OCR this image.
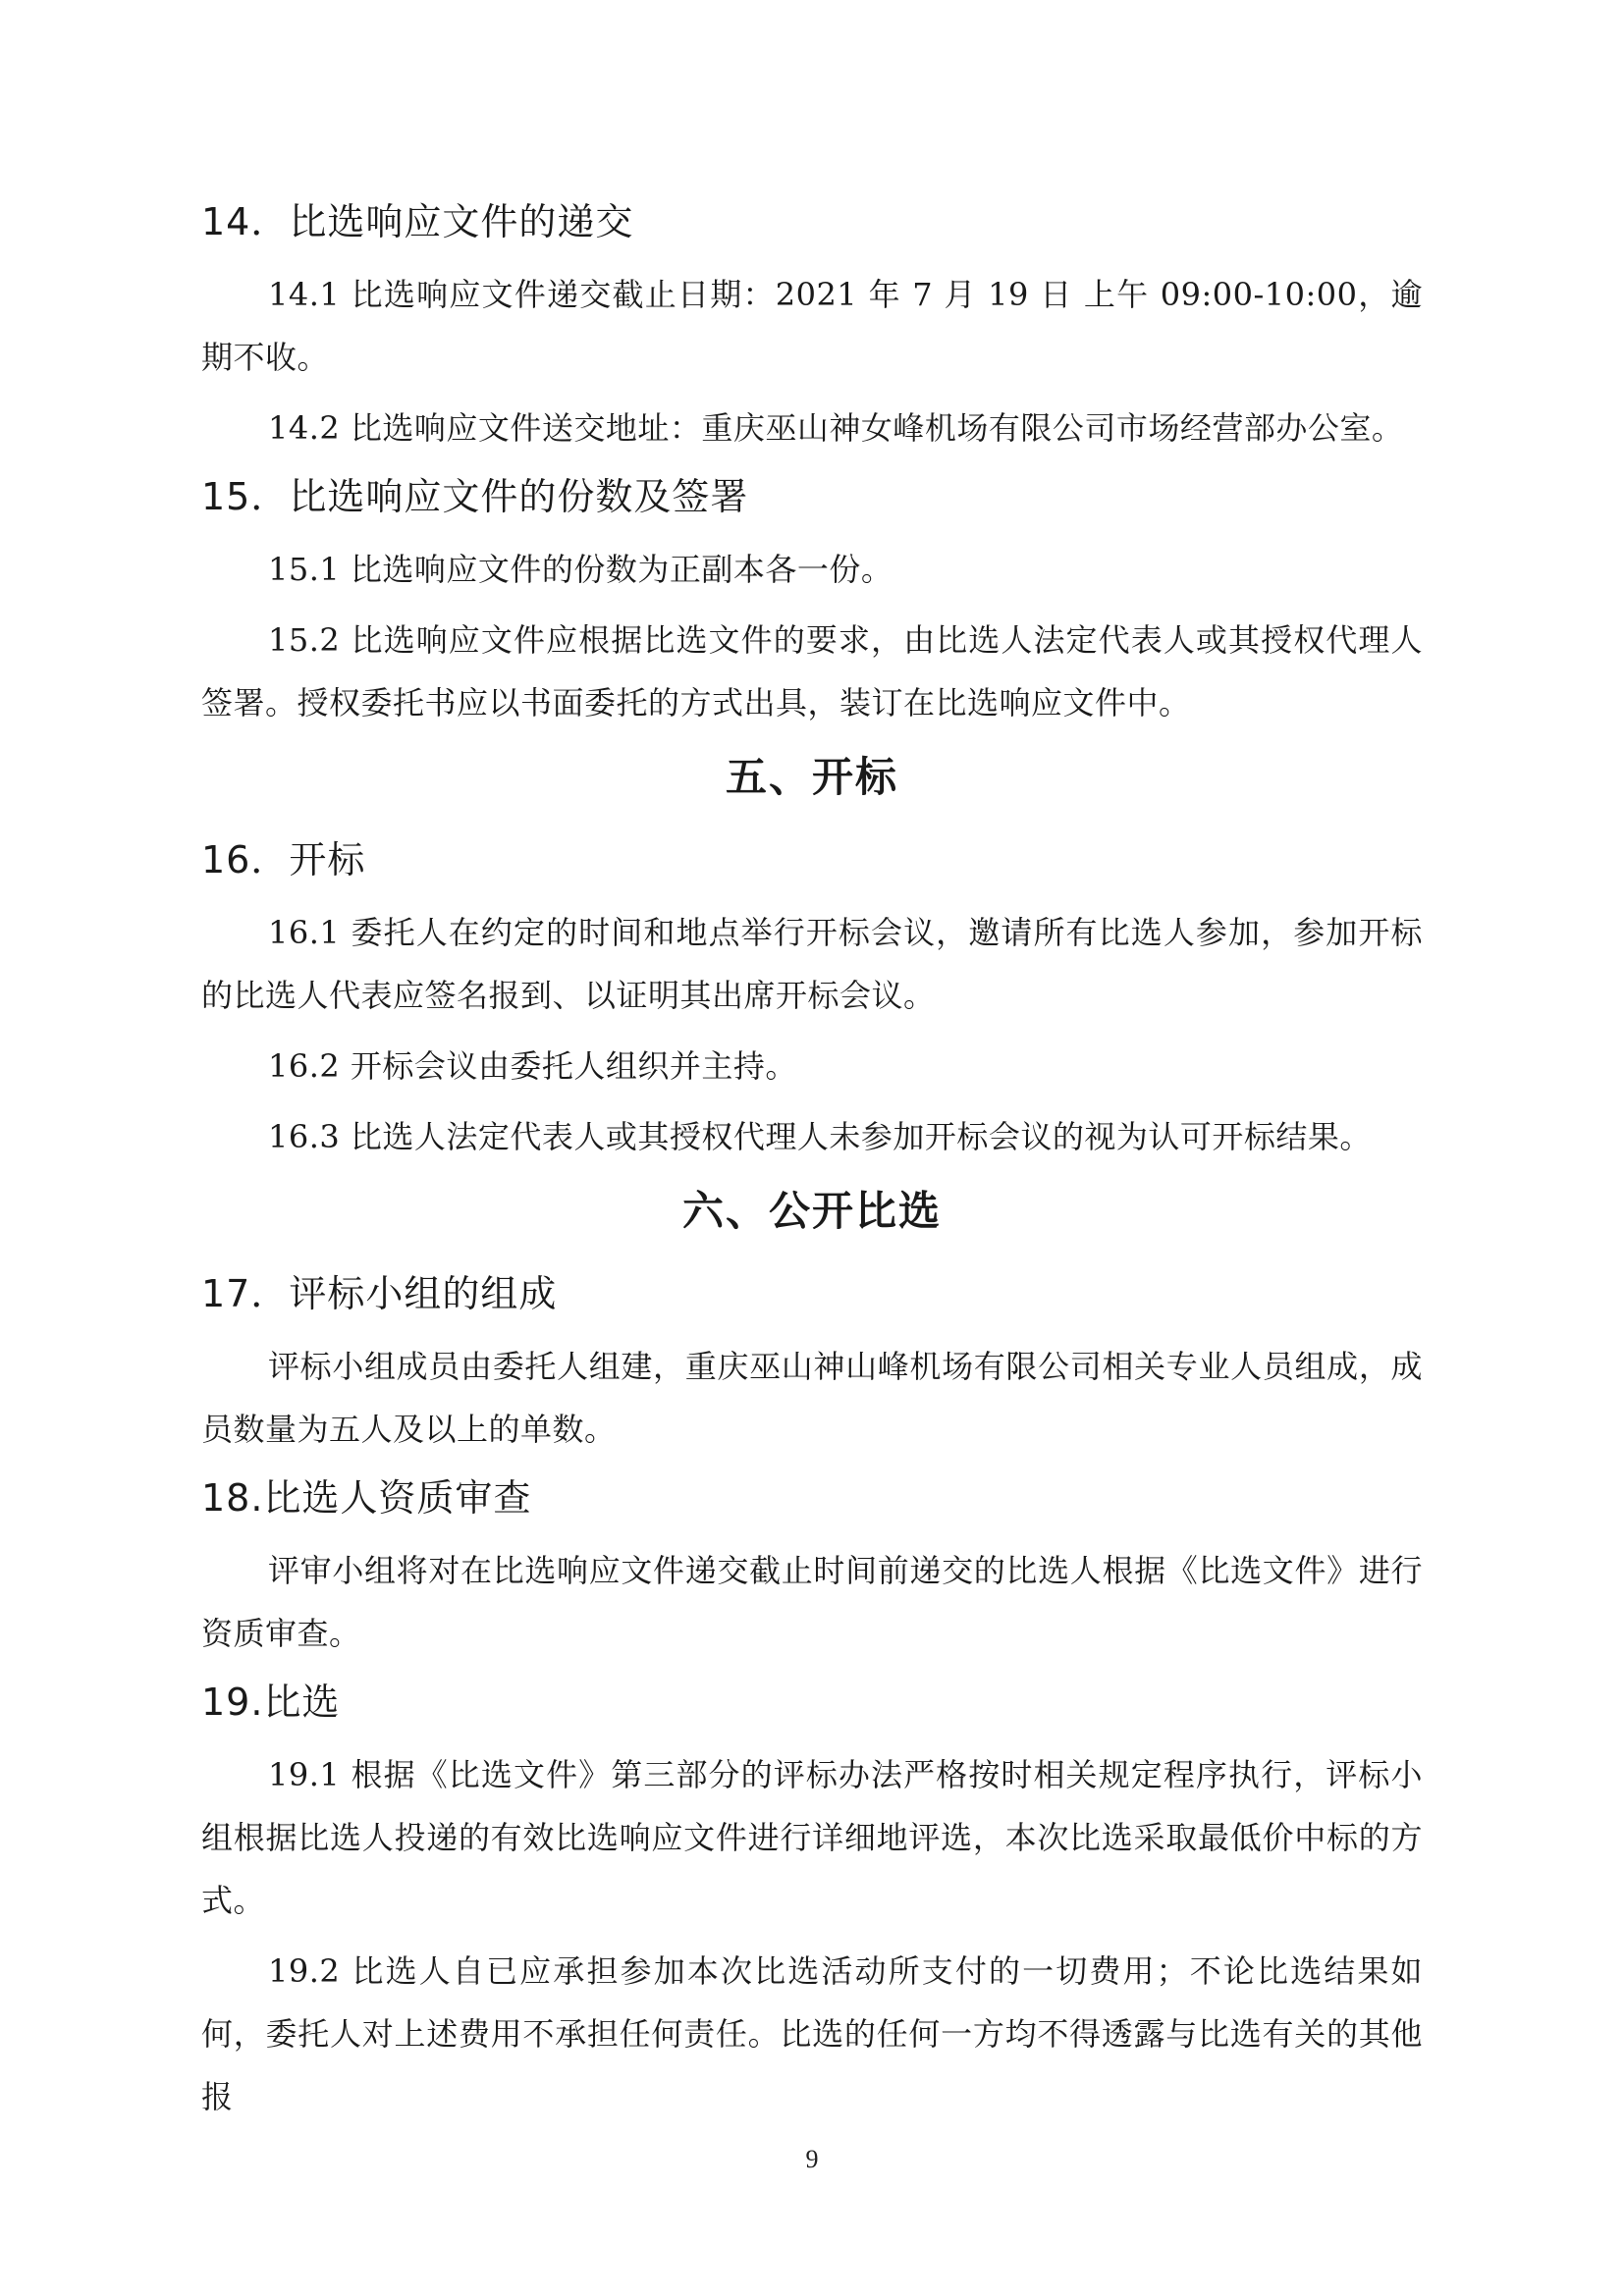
14．比选响应文件的递交

14.1 比选响应文件递交截止日期：2021 年 7 月 19 日 上午 09:00-10:00，逾期不收。

14.2 比选响应文件送交地址：重庆巫山神女峰机场有限公司市场经营部办公室。

15．比选响应文件的份数及签署

15.1 比选响应文件的份数为正副本各一份。

15.2 比选响应文件应根据比选文件的要求，由比选人法定代表人或其授权代理人签署。授权委托书应以书面委托的方式出具，装订在比选响应文件中。

五、开标
16．开标

16.1 委托人在约定的时间和地点举行开标会议，邀请所有比选人参加，参加开标的比选人代表应签名报到、以证明其出席开标会议。

16.2 开标会议由委托人组织并主持。

16.3 比选人法定代表人或其授权代理人未参加开标会议的视为认可开标结果。

六、公开比选
17．评标小组的组成

评标小组成员由委托人组建，重庆巫山神山峰机场有限公司相关专业人员组成，成员数量为五人及以上的单数。

18.比选人资质审查

评审小组将对在比选响应文件递交截止时间前递交的比选人根据《比选文件》进行资质审查。

19.比选

19.1 根据《比选文件》第三部分的评标办法严格按时相关规定程序执行，评标小组根据比选人投递的有效比选响应文件进行详细地评选，本次比选采取最低价中标的方式。

19.2 比选人自已应承担参加本次比选活动所支付的一切费用；不论比选结果如何，委托人对上述费用不承担任何责任。比选的任何一方均不得透露与比选有关的其他报

9
